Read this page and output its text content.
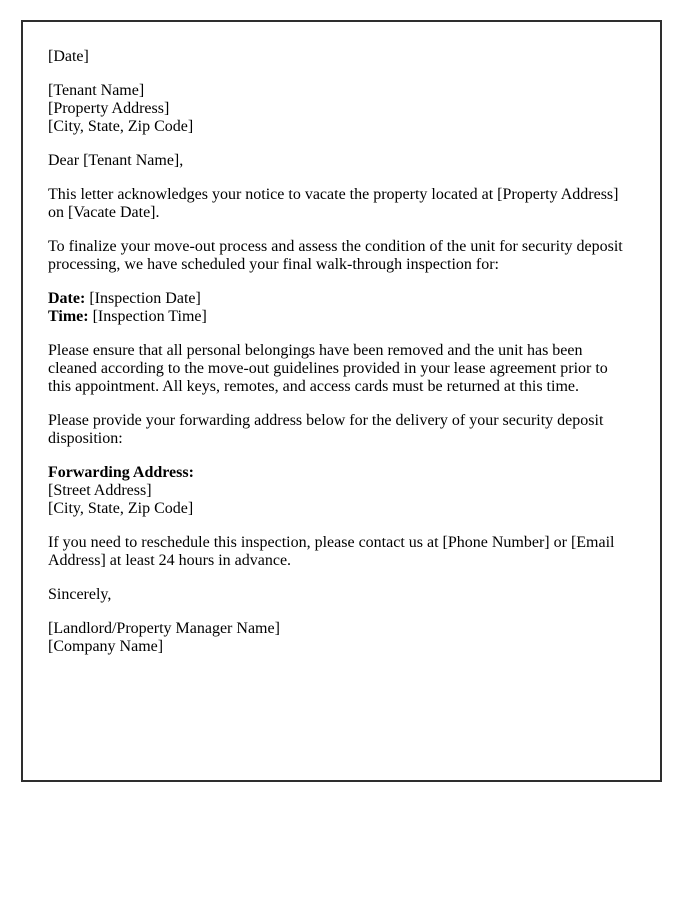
[Date]
[Tenant Name]
[Property Address]
[City, State, Zip Code]
Dear [Tenant Name],
This letter acknowledges your notice to vacate the property located at [Property Address]
on [Vacate Date].
To finalize your move-out process and assess the condition of the unit for security deposit
processing, we have scheduled your final walk-through inspection for:
Date: [Inspection Date]
Time: [Inspection Time]
Please ensure that all personal belongings have been removed and the unit has been
cleaned according to the move-out guidelines provided in your lease agreement prior to
this appointment. All keys, remotes, and access cards must be returned at this time.
Please provide your forwarding address below for the delivery of your security deposit
disposition:
Forwarding Address:
[Street Address]
[City, State, Zip Code]
If you need to reschedule this inspection, please contact us at [Phone Number] or [Email
Address] at least 24 hours in advance.
Sincerely,
[Landlord/Property Manager Name]
[Company Name]
